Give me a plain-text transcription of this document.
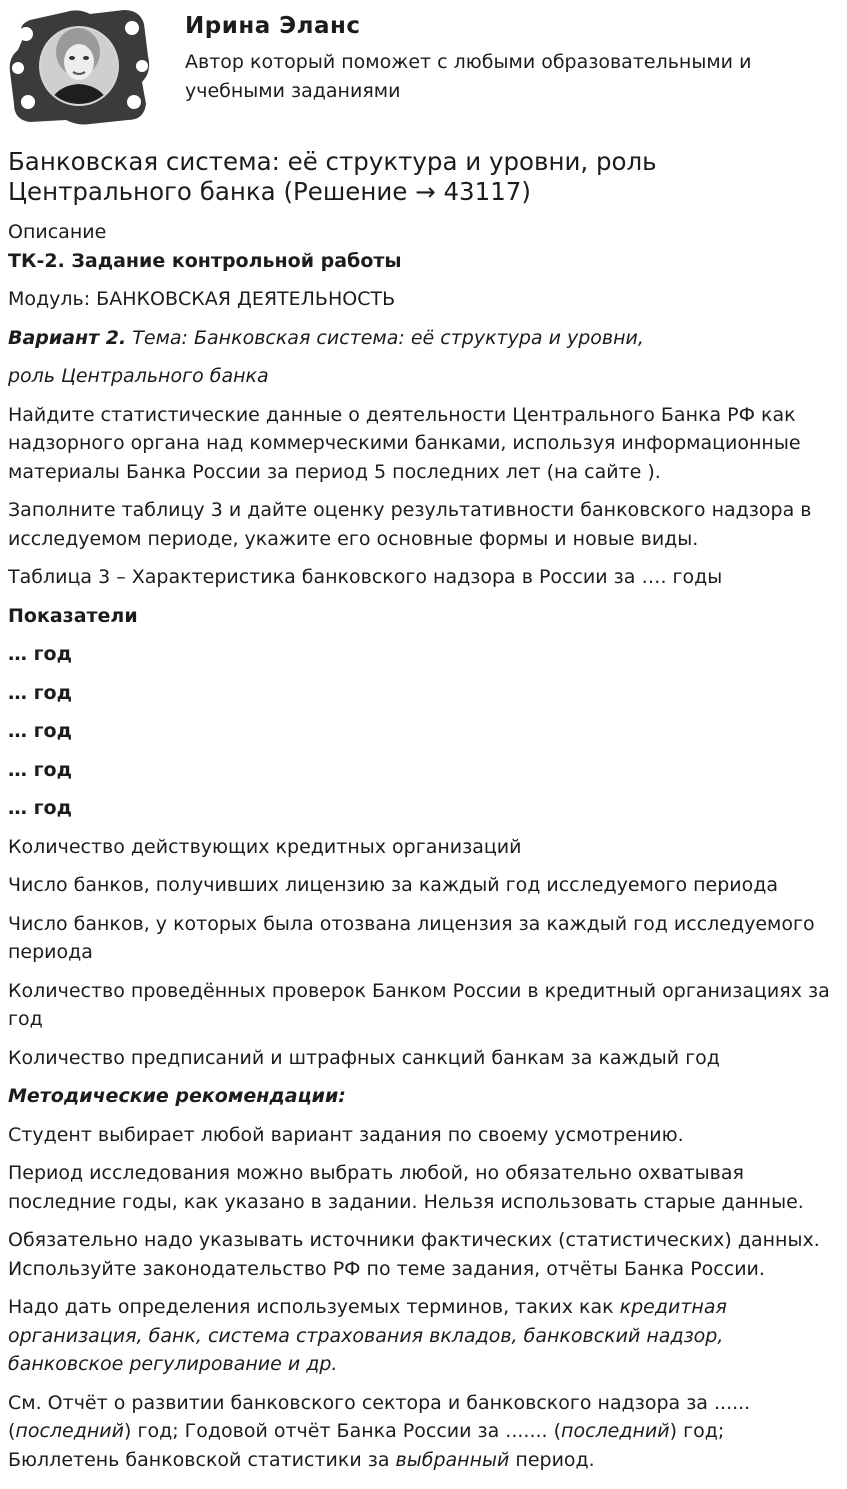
Ирина Эланс
Автор который поможет с любыми образовательными и учебными заданиями
Банковская система: её структура и уровни, роль Центрального банка (Решение → 43117)

Описание

ТК-2. Задание контрольной работы

Модуль: БАНКОВСКАЯ ДЕЯТЕЛЬНОСТЬ

Вариант 2. Тема: Банковская система: её структура и уровни,

роль Центрального банка

Найдите статистические данные о деятельности Центрального Банка РФ как надзорного органа над коммерческими банками, используя информационные материалы Банка России за период 5 последних лет (на сайте ).

Заполните таблицу 3 и дайте оценку результативности банковского надзора в исследуемом периоде, укажите его основные формы и новые виды.

Таблица 3 – Характеристика банковского надзора в России за …. годы

Показатели

… год

… год

… год

… год

… год

Количество действующих кредитных организаций

Число банков, получивших лицензию за каждый год исследуемого периода

Число банков, у которых была отозвана лицензия за каждый год исследуемого периода

Количество проведённых проверок Банком России в кредитный организациях за год

Количество предписаний и штрафных санкций банкам за каждый год

Методические рекомендации:

Студент выбирает любой вариант задания по своему усмотрению.

Период исследования можно выбрать любой, но обязательно охватывая последние годы, как указано в задании. Нельзя использовать старые данные.

Обязательно надо указывать источники фактических (статистических) данных. Используйте законодательство РФ по теме задания, отчёты Банка России.

Надо дать определения используемых терминов, таких как кредитная организация, банк, система страхования вкладов, банковский надзор, банковское регулирование и др.

См. Отчёт о развитии банковского сектора и банковского надзора за ...... (последний) год; Годовой отчёт Банка России за ....... (последний) год; Бюллетень банковской статистики за выбранный период.
